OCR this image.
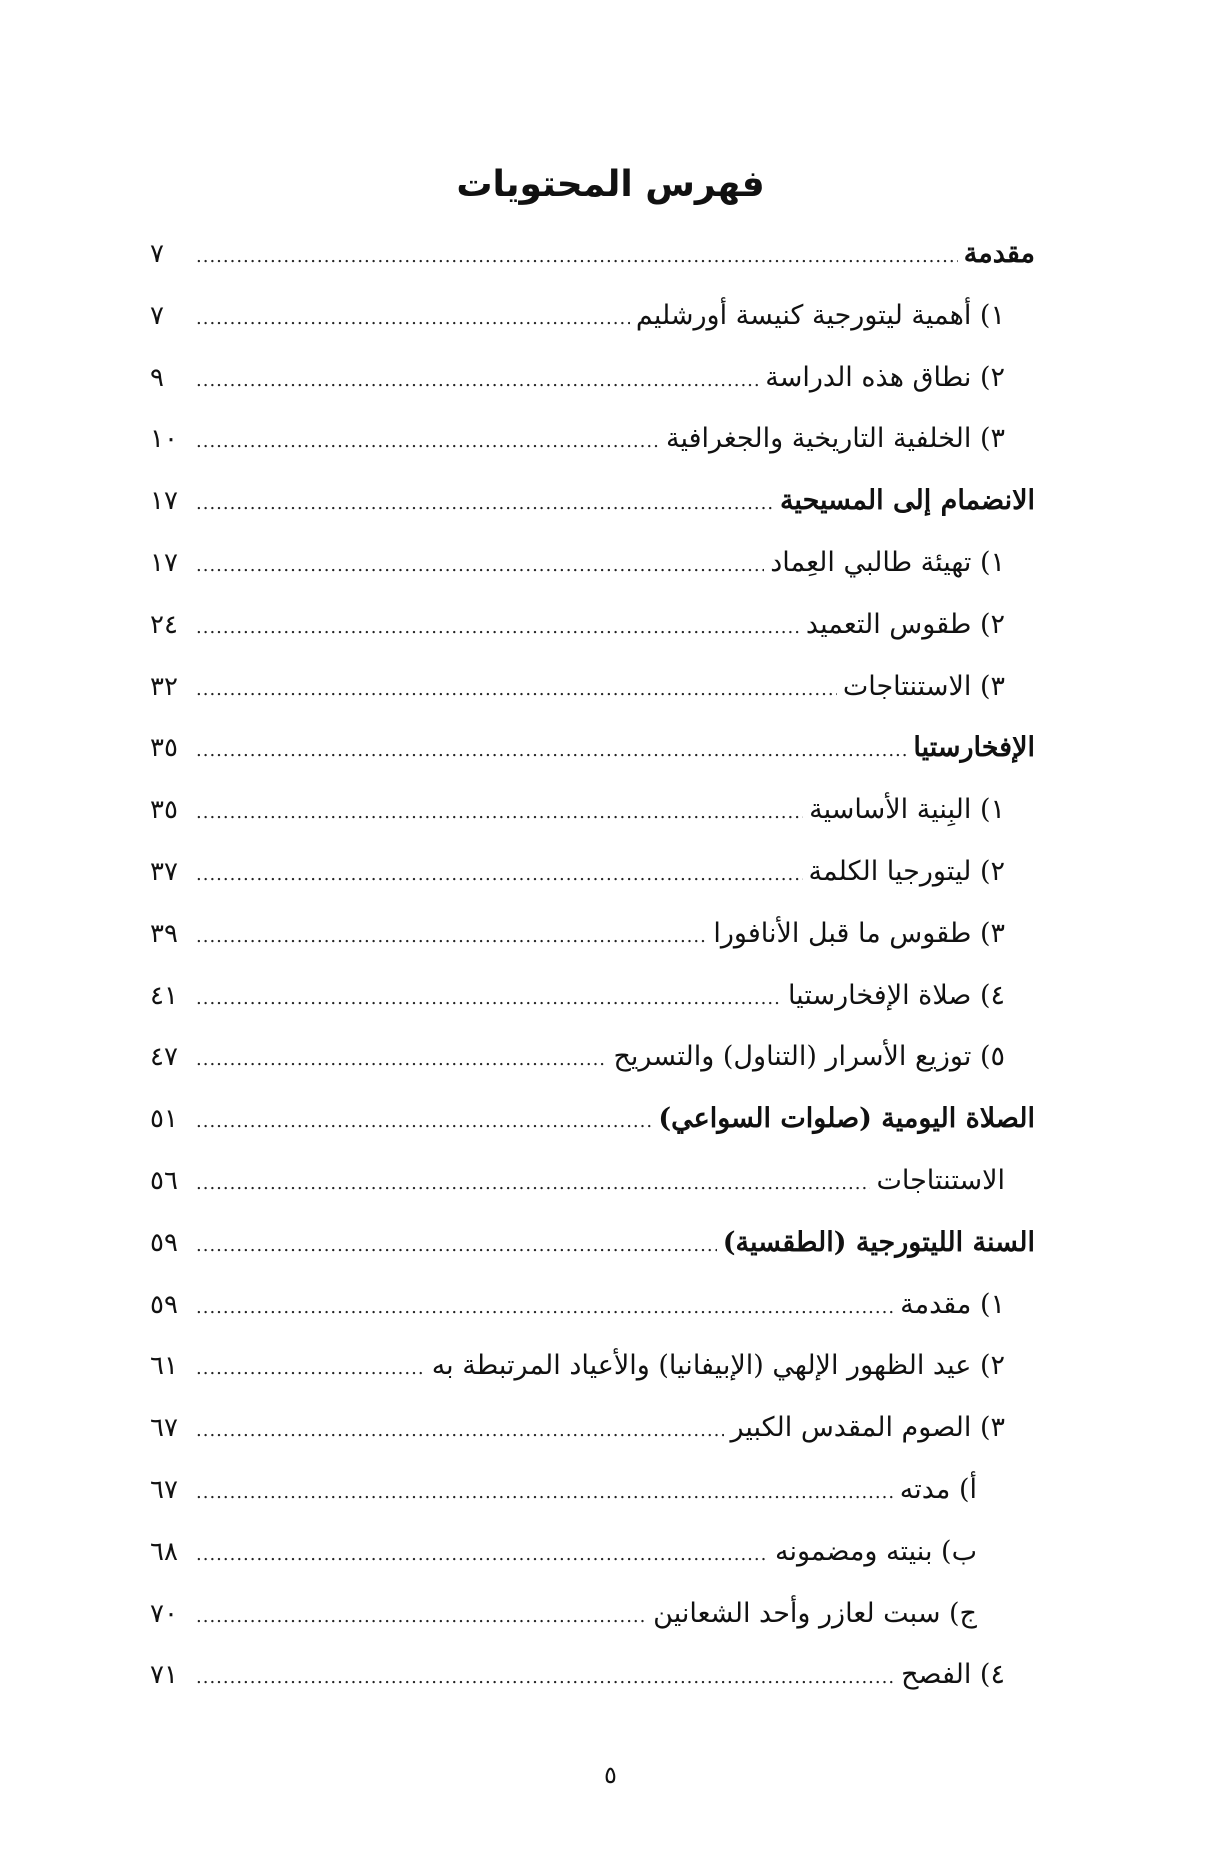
فهرس المحتويات
مقدمة
.....
٧
١) أهمية ليتورجية كنيسة أورشليم
.....
٧
٢) نطاق هذه الدراسة
.....
٩
٣) الخلفية التاريخية والجغرافية
.....
١٠
الانضمام إلى المسيحية
.....
١٧
١) تهيئة طالبي العِماد
.....
١٧
٢) طقوس التعميد
.....
٢٤
٣) الاستنتاجات
.....
٣٢
الإفخارستيا
.....
٣٥
١) البِنية الأساسية
.....
٣٥
٢) ليتورجيا الكلمة
.....
٣٧
٣) طقوس ما قبل الأنافورا
.....
٣٩
٤) صلاة الإفخارستيا
.....
٤١
٥) توزيع الأسرار (التناول) والتسريح
.....
٤٧
الصلاة اليومية (صلوات السواعي)
.....
٥١
الاستنتاجات
.....
٥٦
السنة الليتورجية (الطقسية)
.....
٥٩
١) مقدمة
.....
٥٩
٢) عيد الظهور الإلهي (الإبيفانيا) والأعياد المرتبطة به
.....
٦١
٣) الصوم المقدس الكبير
.....
٦٧
أ) مدته
.....
٦٧
ب) بنيته ومضمونه
.....
٦٨
ج) سبت لعازر وأحد الشعانين
.....
٧٠
٤) الفصح
.....
٧١
٥
